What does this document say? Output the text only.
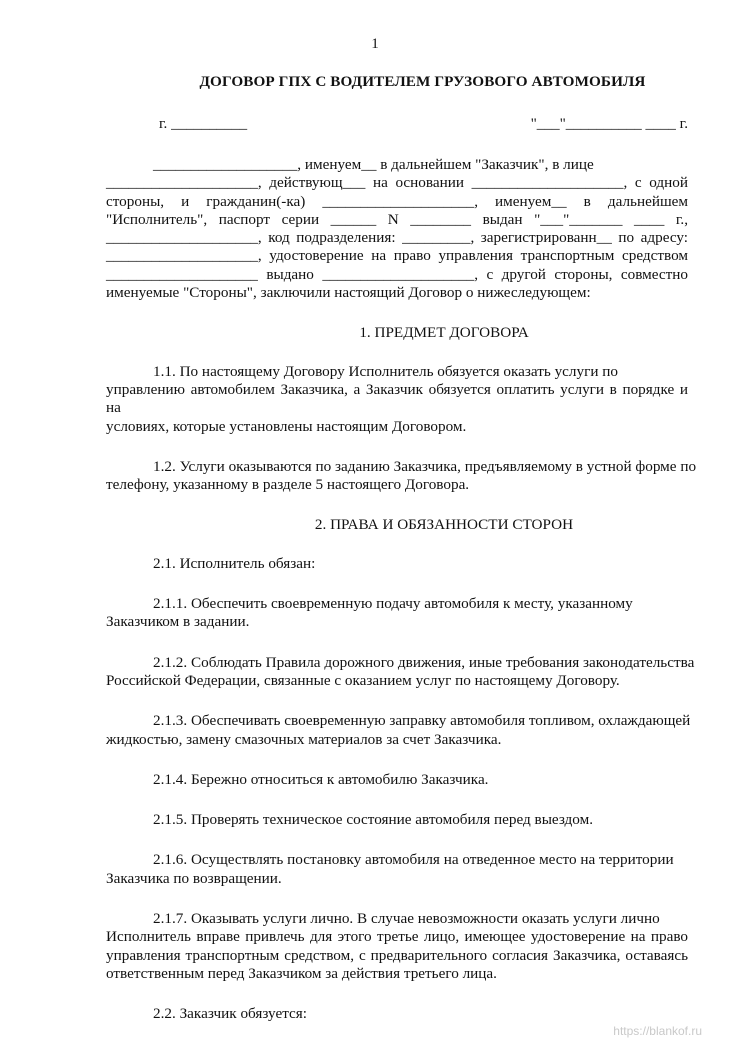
1
ДОГОВОР ГПХ С ВОДИТЕЛЕМ ГРУЗОВОГО АВТОМОБИЛЯ

г. __________	"___"__________ ____ г.

___________________, именуем__ в дальнейшем "Заказчик", в лице
____________________, действующ___ на основании ____________________, с одной
стороны, и гражданин(-ка) ____________________, именуем__ в дальнейшем
"Исполнитель", паспорт серии ______ N ________ выдан "___"_______ ____ г.,
____________________, код подразделения: _________, зарегистрированн__ по адресу:
____________________, удостоверение на право управления транспортным средством
____________________ выдано ____________________, с другой стороны, совместно
именуемые "Стороны", заключили настоящий Договор о нижеследующем:
1. ПРЕДМЕТ ДОГОВОРА
1.1. По настоящему Договору Исполнитель обязуется оказать услуги по
управлению автомобилем Заказчика, а Заказчик обязуется оплатить услуги в порядке и на
условиях, которые установлены настоящим Договором.
1.2. Услуги оказываются по заданию Заказчика, предъявляемому в устной форме по
телефону, указанному в разделе 5 настоящего Договора.
2. ПРАВА И ОБЯЗАННОСТИ СТОРОН
2.1. Исполнитель обязан:
2.1.1. Обеспечить своевременную подачу автомобиля к месту, указанному
Заказчиком в задании.
2.1.2. Соблюдать Правила дорожного движения, иные требования законодательства
Российской Федерации, связанные с оказанием услуг по настоящему Договору.
2.1.3. Обеспечивать своевременную заправку автомобиля топливом, охлаждающей
жидкостью, замену смазочных материалов за счет Заказчика.
2.1.4. Бережно относиться к автомобилю Заказчика.
2.1.5. Проверять техническое состояние автомобиля перед выездом.
2.1.6. Осуществлять постановку автомобиля на отведенное место на территории
Заказчика по возвращении.
2.1.7. Оказывать услуги лично. В случае невозможности оказать услуги лично
Исполнитель вправе привлечь для этого третье лицо, имеющее удостоверение на право
управления транспортным средством, с предварительного согласия Заказчика, оставаясь
ответственным перед Заказчиком за действия третьего лица.
2.2. Заказчик обязуется:
https://blankof.ru
